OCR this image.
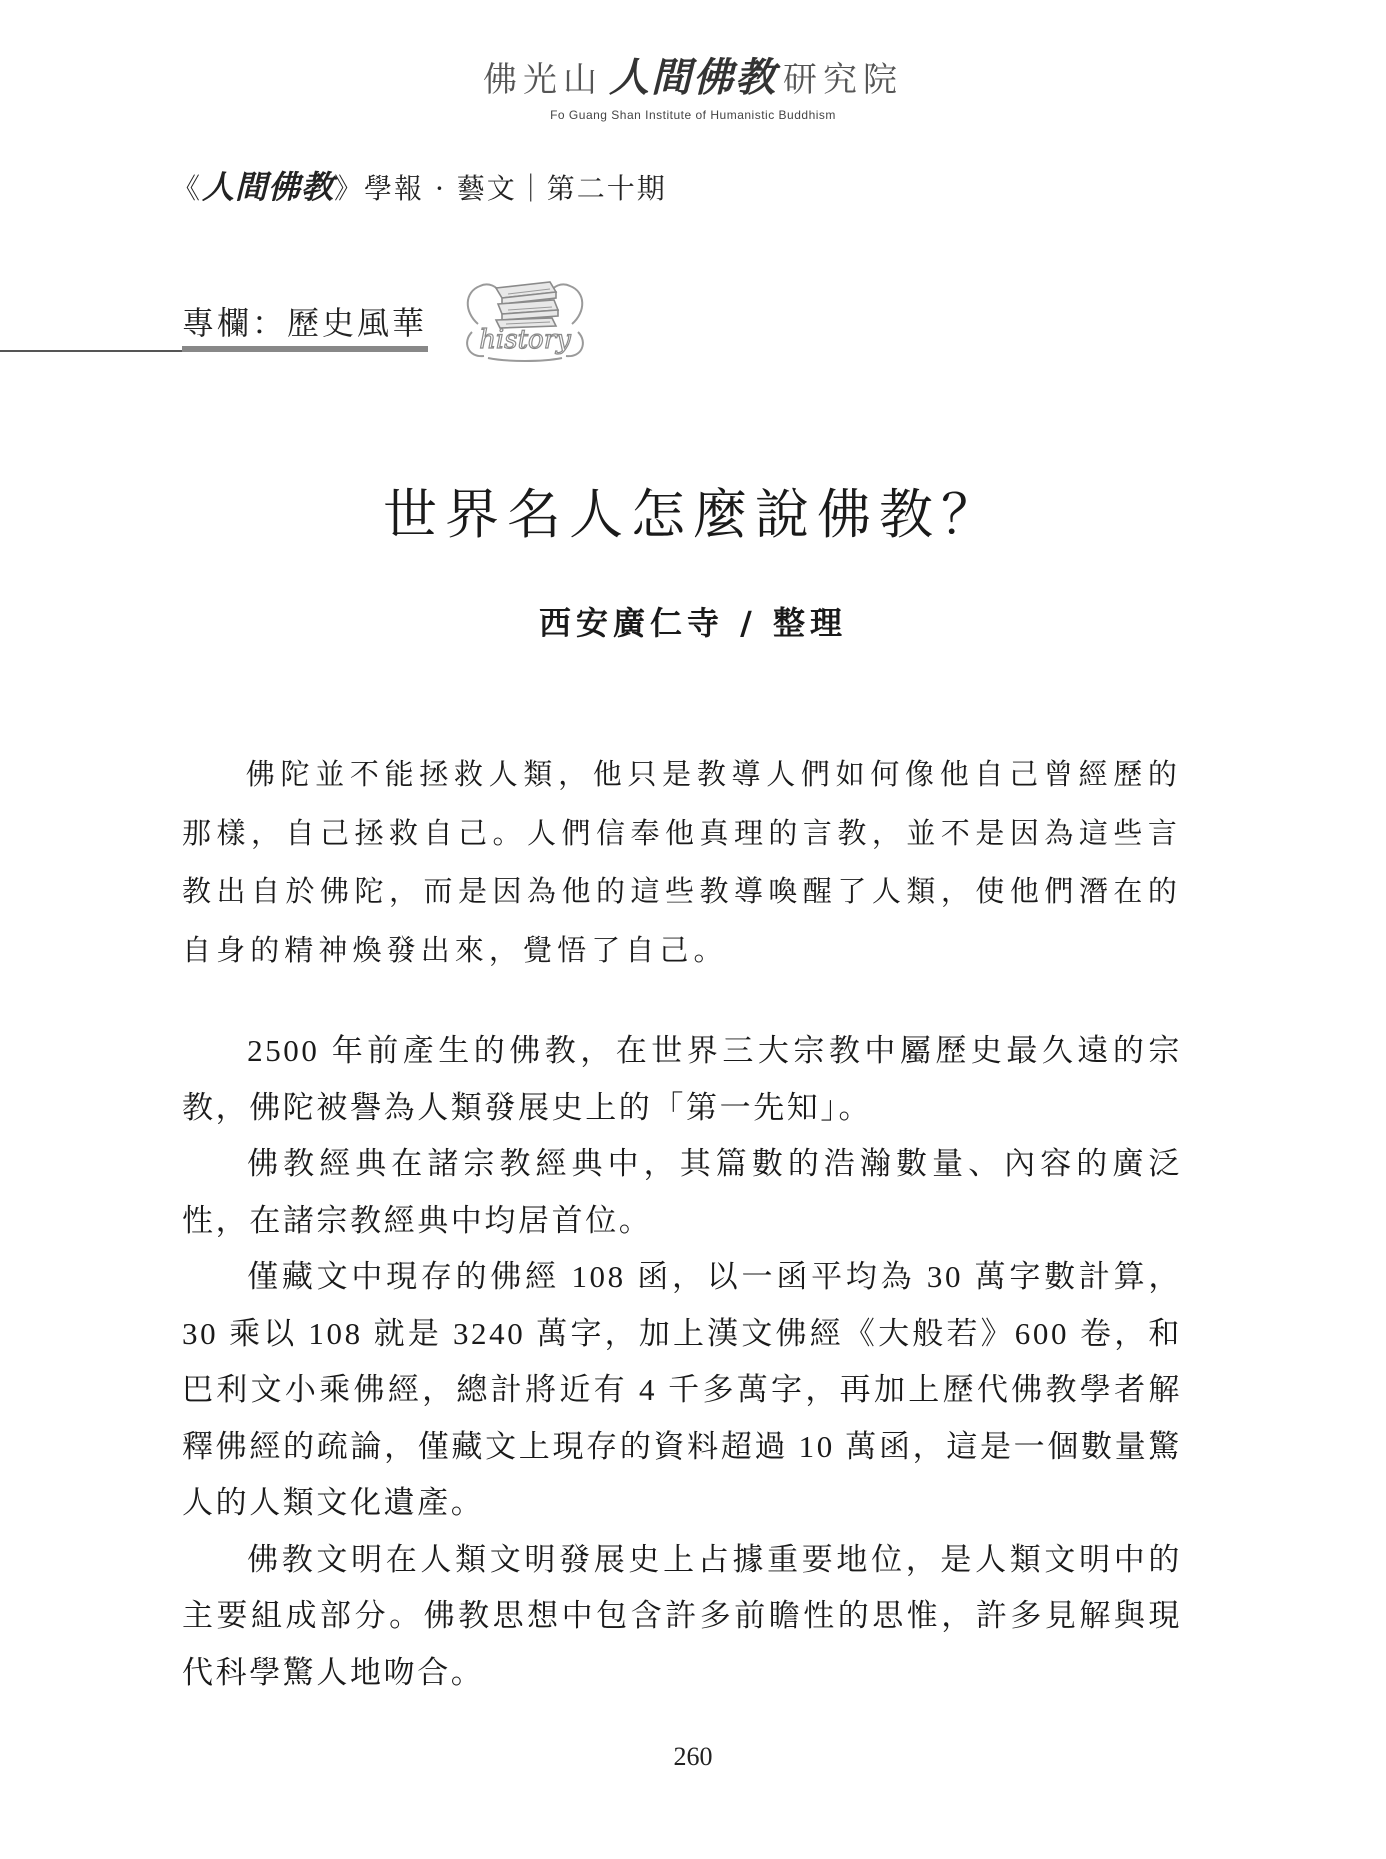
佛光山 人間佛教 研究院
Fo Guang Shan Institute of Humanistic Buddhism
《人間佛教》學報 · 藝文｜第二十期
專欄：歷史風華 history
世界名人怎麼說佛教？
西安廣仁寺 / 整理

佛陀並不能拯救人類，他只是教導人們如何像他自己曾經歷的那樣，自己拯救自己。人們信奉他真理的言教，並不是因為這些言教出自於佛陀，而是因為他的這些教導喚醒了人類，使他們潛在的自身的精神煥發出來，覺悟了自己。

2500 年前產生的佛教，在世界三大宗教中屬歷史最久遠的宗教，佛陀被譽為人類發展史上的「第一先知」。

佛教經典在諸宗教經典中，其篇數的浩瀚數量、內容的廣泛性，在諸宗教經典中均居首位。

僅藏文中現存的佛經 108 函，以一函平均為 30 萬字數計算，30 乘以 108 就是 3240 萬字，加上漢文佛經《大般若》600 卷，和巴利文小乘佛經，總計將近有 4 千多萬字，再加上歷代佛教學者解釋佛經的疏論，僅藏文上現存的資料超過 10 萬函，這是一個數量驚人的人類文化遺產。

佛教文明在人類文明發展史上占據重要地位，是人類文明中的主要組成部分。佛教思想中包含許多前瞻性的思惟，許多見解與現代科學驚人地吻合。

260
